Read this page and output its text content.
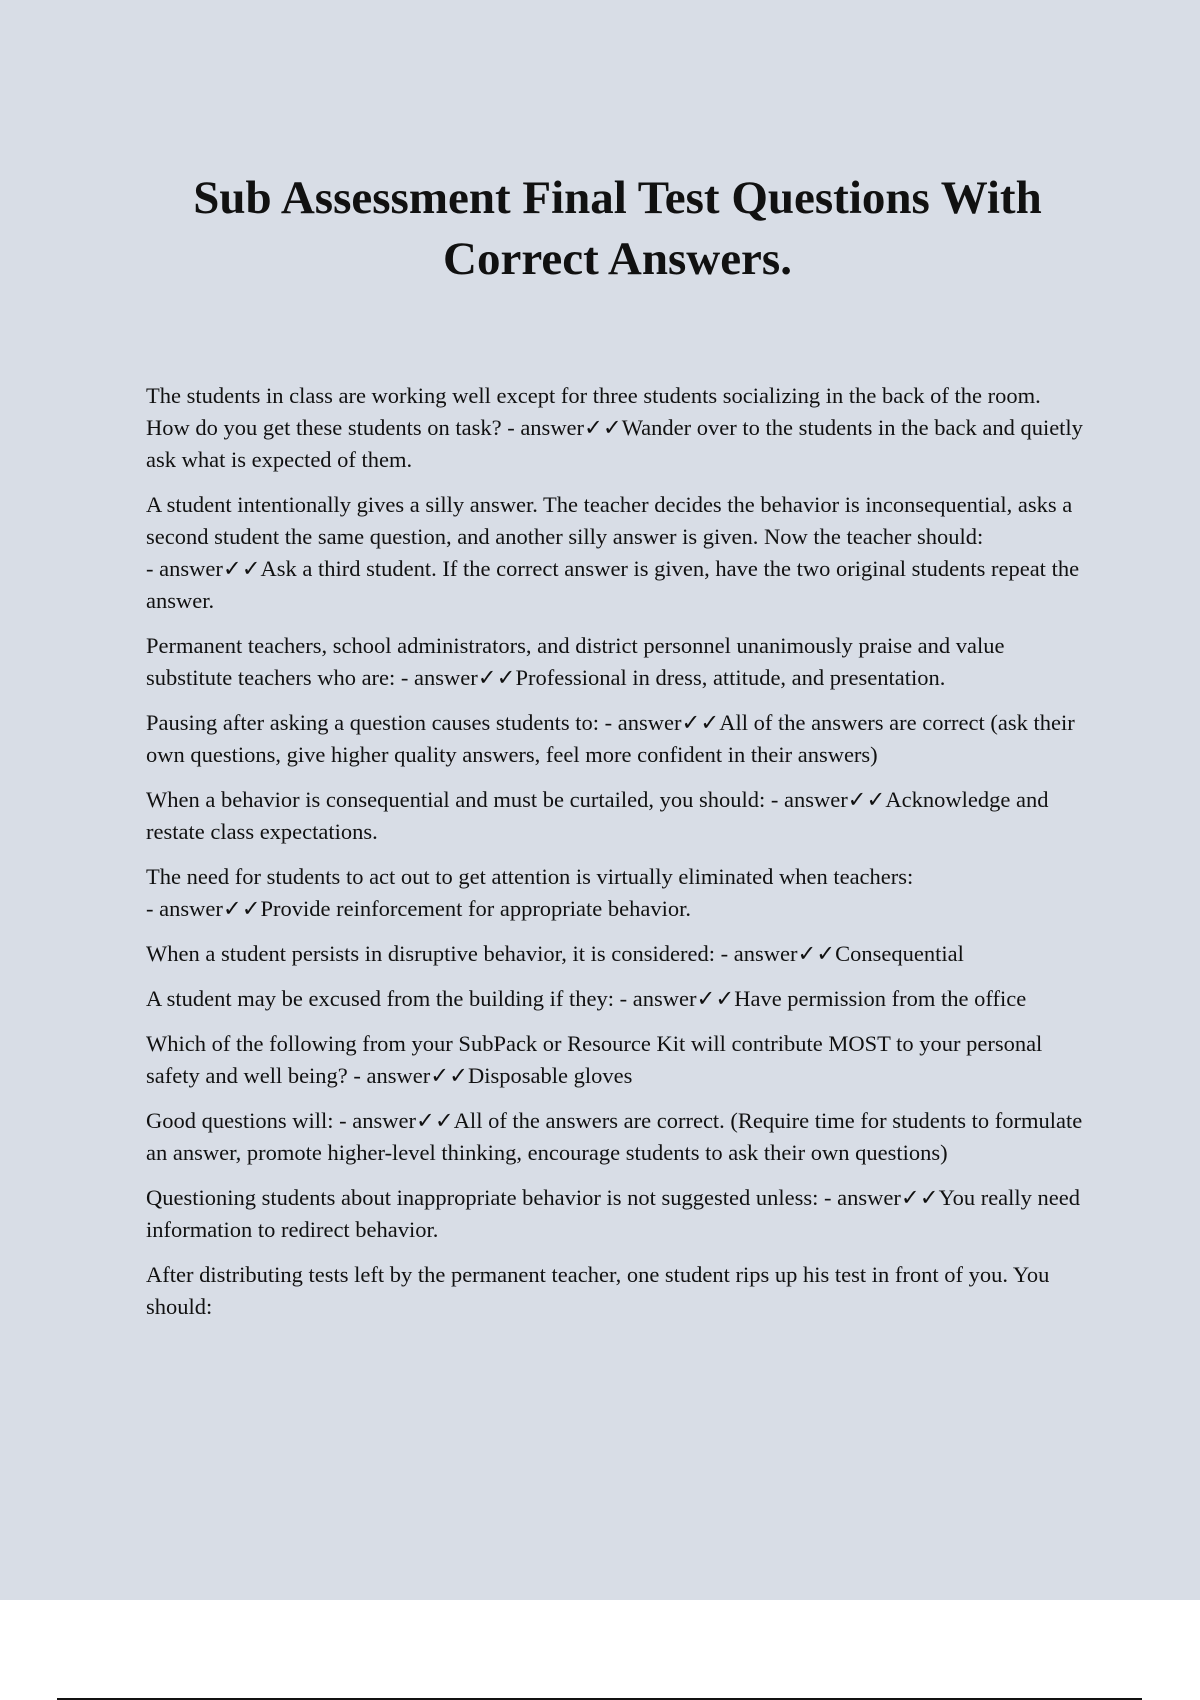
Sub Assessment Final Test Questions With Correct Answers.

The students in class are working well except for three students socializing in the back of the room. How do you get these students on task? - answer✓✓Wander over to the students in the back and quietly ask what is expected of them.

A student intentionally gives a silly answer. The teacher decides the behavior is inconsequential, asks a second student the same question, and another silly answer is given. Now the teacher should: - answer✓✓Ask a third student. If the correct answer is given, have the two original students repeat the answer.

Permanent teachers, school administrators, and district personnel unanimously praise and value substitute teachers who are: - answer✓✓Professional in dress, attitude, and presentation.

Pausing after asking a question causes students to: - answer✓✓All of the answers are correct (ask their own questions, give higher quality answers, feel more confident in their answers)

When a behavior is consequential and must be curtailed, you should: - answer✓✓Acknowledge and restate class expectations.

The need for students to act out to get attention is virtually eliminated when teachers: - answer✓✓Provide reinforcement for appropriate behavior.

When a student persists in disruptive behavior, it is considered: - answer✓✓Consequential

A student may be excused from the building if they: - answer✓✓Have permission from the office

Which of the following from your SubPack or Resource Kit will contribute MOST to your personal safety and well being? - answer✓✓Disposable gloves

Good questions will: - answer✓✓All of the answers are correct. (Require time for students to formulate an answer, promote higher-level thinking, encourage students to ask their own questions)

Questioning students about inappropriate behavior is not suggested unless: - answer✓✓You really need information to redirect behavior.

After distributing tests left by the permanent teacher, one student rips up his test in front of you. You should:
